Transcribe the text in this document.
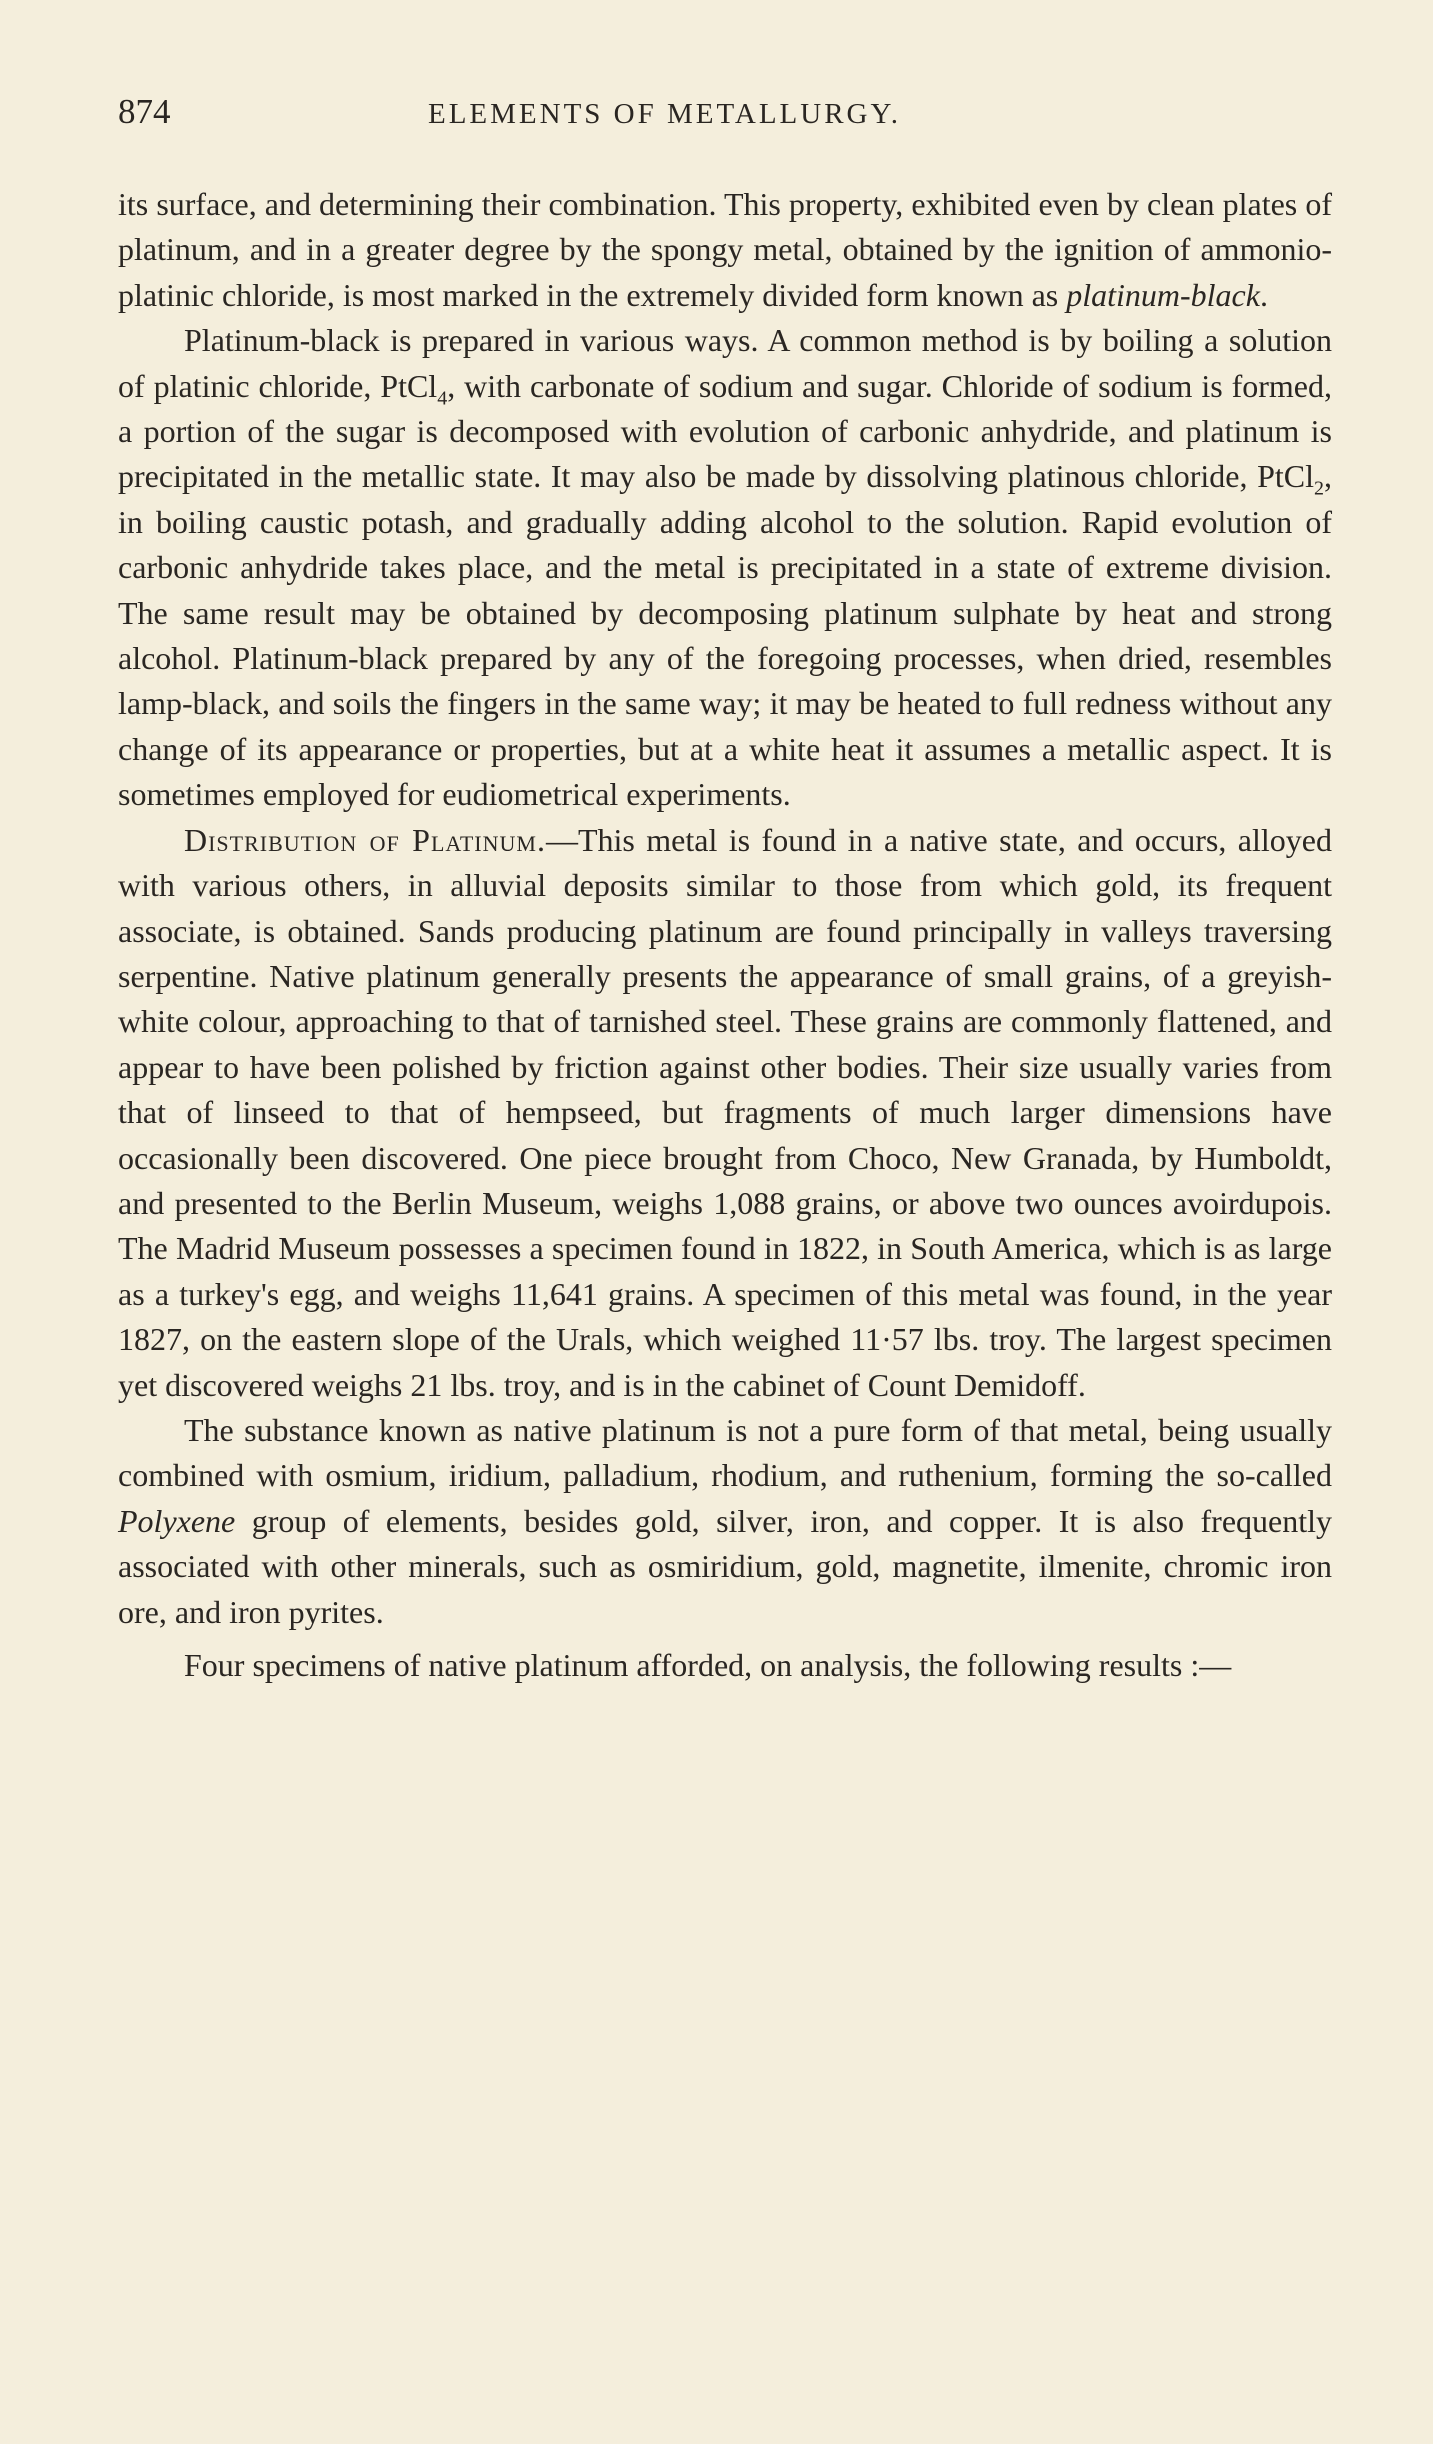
874	ELEMENTS OF METALLURGY.

its surface, and determining their combination. This property, exhibited even by clean plates of platinum, and in a greater degree by the spongy metal, obtained by the ignition of ammonio-platinic chloride, is most marked in the extremely divided form known as platinum-black.

Platinum-black is prepared in various ways. A common method is by boiling a solution of platinic chloride, PtCl$_4$, with carbonate of sodium and sugar. Chloride of sodium is formed, a portion of the sugar is decomposed with evolution of carbonic anhydride, and platinum is precipitated in the metallic state. It may also be made by dissolving platinous chloride, PtCl$_2$, in boiling caustic potash, and gradually adding alcohol to the solution. Rapid evolution of carbonic anhydride takes place, and the metal is precipitated in a state of extreme division. The same result may be obtained by decomposing platinum sulphate by heat and strong alcohol. Platinum-black prepared by any of the foregoing processes, when dried, resembles lamp-black, and soils the fingers in the same way; it may be heated to full redness without any change of its appearance or properties, but at a white heat it assumes a metallic aspect. It is sometimes employed for eudiometrical experiments.

Distribution of Platinum.—This metal is found in a native state, and occurs, alloyed with various others, in alluvial deposits similar to those from which gold, its frequent associate, is obtained. Sands producing platinum are found principally in valleys traversing serpentine. Native platinum generally presents the appearance of small grains, of a greyish-white colour, approaching to that of tarnished steel. These grains are commonly flattened, and appear to have been polished by friction against other bodies. Their size usually varies from that of linseed to that of hempseed, but fragments of much larger dimensions have occasionally been discovered. One piece brought from Choco, New Granada, by Humboldt, and presented to the Berlin Museum, weighs 1,088 grains, or above two ounces avoirdupois. The Madrid Museum possesses a specimen found in 1822, in South America, which is as large as a turkey's egg, and weighs 11,641 grains. A specimen of this metal was found, in the year 1827, on the eastern slope of the Urals, which weighed 11·57 lbs. troy. The largest specimen yet discovered weighs 21 lbs. troy, and is in the cabinet of Count Demidoff.

The substance known as native platinum is not a pure form of that metal, being usually combined with osmium, iridium, palladium, rhodium, and ruthenium, forming the so-called Polyxene group of elements, besides gold, silver, iron, and copper. It is also frequently associated with other minerals, such as osmiridium, gold, magnetite, ilmenite, chromic iron ore, and iron pyrites.

Four specimens of native platinum afforded, on analysis, the following results :—
